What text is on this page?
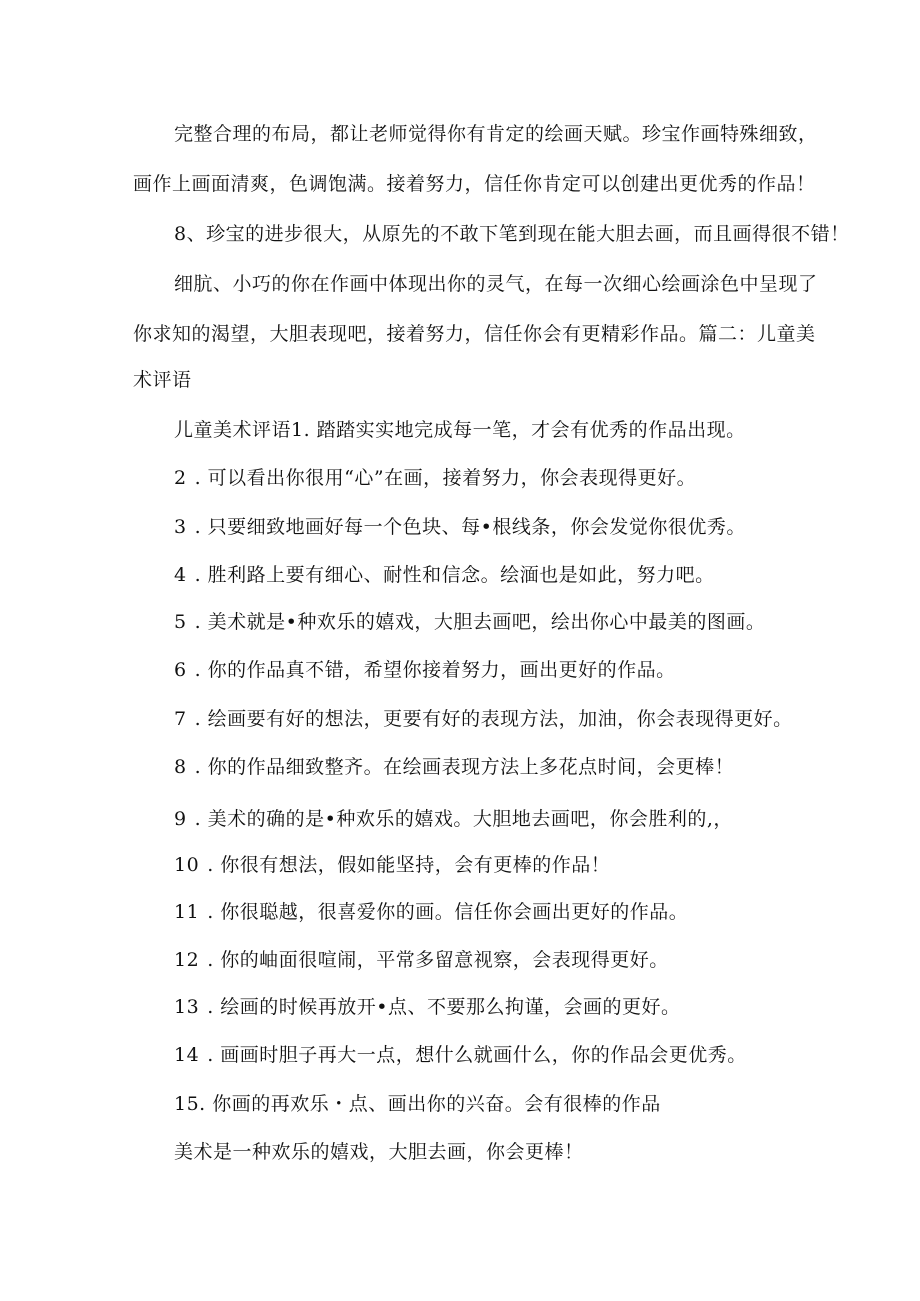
完整合理的布局，都让老师觉得你有肯定的绘画天赋。珍宝作画特殊细致，

画作上画面清爽，色调饱满。接着努力，信任你肯定可以创建出更优秀的作品！

8、珍宝的进步很大，从原先的不敢下笔到现在能大胆去画，而且画得很不错！

细肮、小巧的你在作画中体现出你的灵气，在每一次细心绘画涂色中呈现了

你求知的渴望，大胆表现吧，接着努力，信任你会有更精彩作品。篇二：儿童美

术评语

儿童美术评语1. 踏踏实实地完成每一笔，才会有优秀的作品出现。

2 . 可以看出你很用“心”在画，接着努力，你会表现得更好。

3 . 只要细致地画好每一个色块、每•根线条，你会发觉你很优秀。

4 . 胜利路上要有细心、耐性和信念。绘湎也是如此，努力吧。

5 . 美术就是•种欢乐的嬉戏，大胆去画吧，绘出你心中最美的图画。

6 . 你的作品真不错，希望你接着努力，画出更好的作品。

7 . 绘画要有好的想法，更要有好的表现方法，加油，你会表现得更好。

8 . 你的作品细致整齐。在绘画表现方法上多花点时间，会更棒！

9 . 美术的确的是•种欢乐的嬉戏。大胆地去画吧，你会胜利的,，

10 . 你很有想法，假如能坚持，会有更棒的作品！

11 . 你很聪越，很喜爱你的画。信任你会画出更好的作品。

12 . 你的岫面很喧闹，平常多留意视察，会表现得更好。

13 . 绘画的时候再放开•点、不要那么拘谨，会画的更好。

14 . 画画时胆子再大一点，想什么就画什么，你的作品会更优秀。

15. 你画的再欢乐・点、画出你的兴奋。会有很棒的作品

美术是一种欢乐的嬉戏，大胆去画，你会更棒！
